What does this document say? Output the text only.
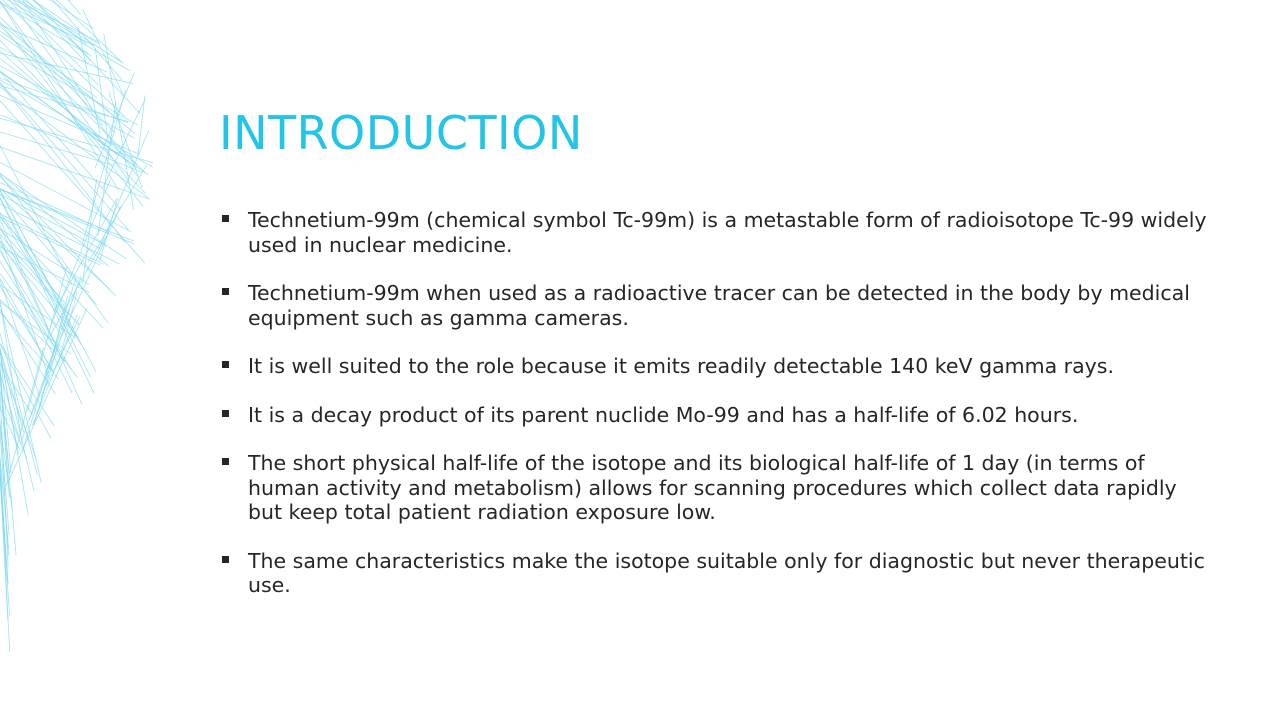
INTRODUCTION
Technetium-99m (chemical symbol Tc-99m) is a metastable form of radioisotope Tc-99 widely used in nuclear medicine.
Technetium-99m when used as a radioactive tracer can be detected in the body by medical equipment such as gamma cameras.
It is well suited to the role because it emits readily detectable 140 keV gamma rays.
It is a decay product of its parent nuclide Mo-99 and has a half-life of 6.02 hours.
The short physical half-life of the isotope and its biological half-life of 1 day (in terms of human activity and metabolism) allows for scanning procedures which collect data rapidly but keep total patient radiation exposure low.
The same characteristics make the isotope suitable only for diagnostic but never therapeutic use.
